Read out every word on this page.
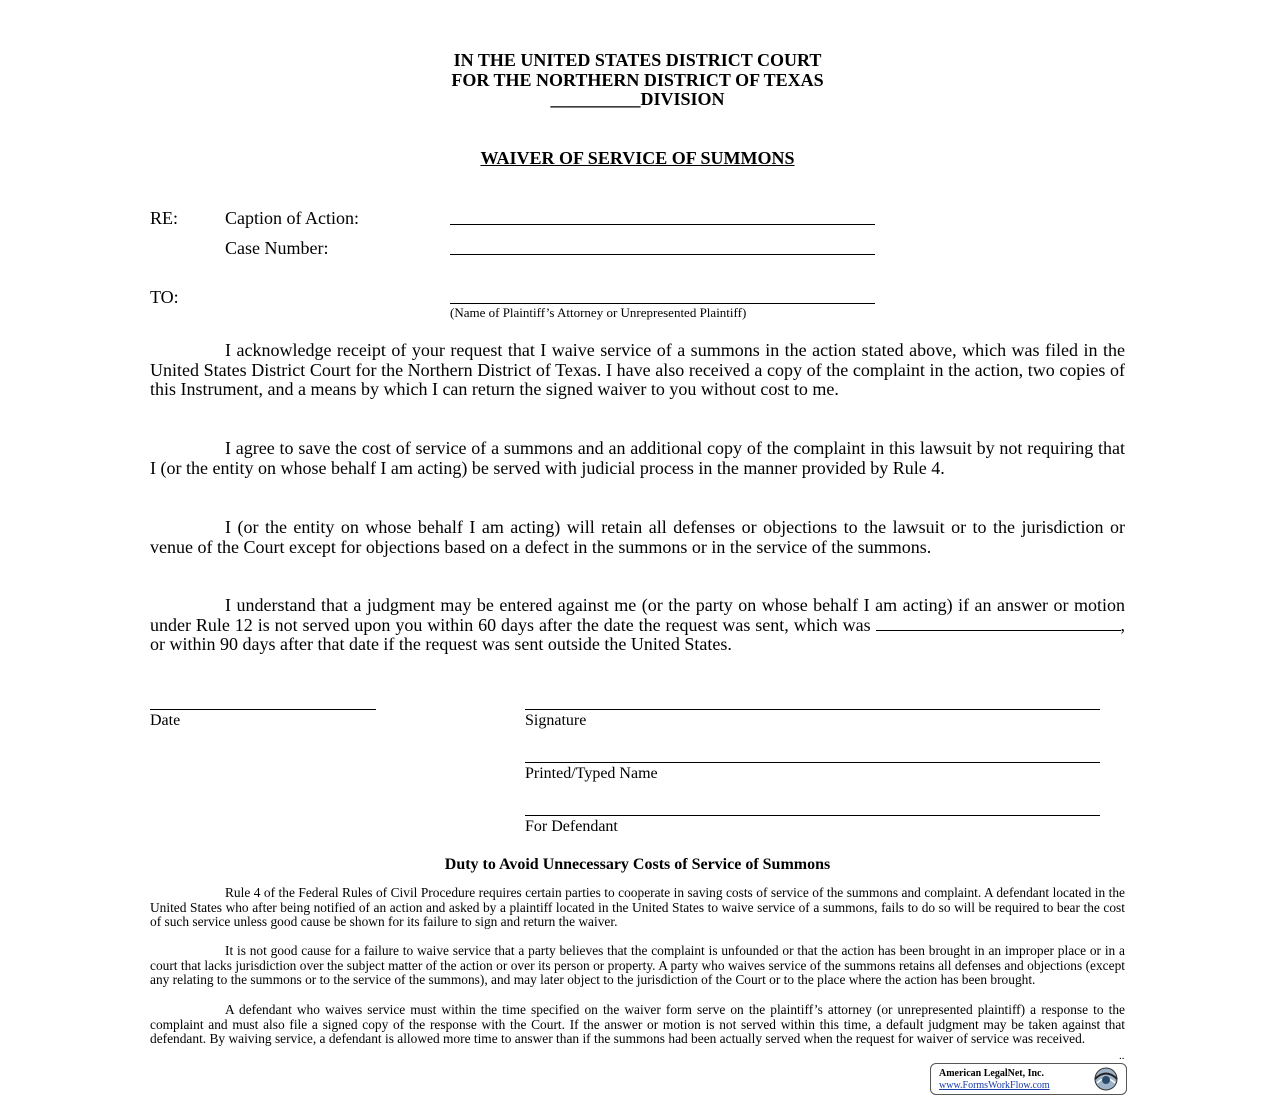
IN THE UNITED STATES DISTRICT COURT
FOR THE NORTHERN DISTRICT OF TEXAS
__________DIVISION
WAIVER OF SERVICE OF SUMMONS
RE:	Caption of Action:
Case Number:
TO:
(Name of Plaintiff’s Attorney or Unrepresented Plaintiff)

I acknowledge receipt of your request that I waive service of a summons in the action stated above, which was filed in the United States District Court for the Northern District of Texas. I have also received a copy of the complaint in the action, two copies of this Instrument, and a means by which I can return the signed waiver to you without cost to me.

I agree to save the cost of service of a summons and an additional copy of the complaint in this lawsuit by not requiring that I (or the entity on whose behalf I am acting) be served with judicial process in the manner provided by Rule 4.

I (or the entity on whose behalf I am acting) will retain all defenses or objections to the lawsuit or to the jurisdiction or venue of the Court except for objections based on a defect in the summons or in the service of the summons.

I understand that a judgment may be entered against me (or the party on whose behalf I am acting) if an answer or motion under Rule 12 is not served upon you within 60 days after the date the request was sent, which was	, or within 90 days after that date if the request was sent outside the United States.

Date	Signature
Printed/Typed Name
For Defendant
Duty to Avoid Unnecessary Costs of Service of Summons

Rule 4 of the Federal Rules of Civil Procedure requires certain parties to cooperate in saving costs of service of the summons and complaint. A defendant located in the United States who after being notified of an action and asked by a plaintiff located in the United States to waive service of a summons, fails to do so will be required to bear the cost of such service unless good cause be shown for its failure to sign and return the waiver.

It is not good cause for a failure to waive service that a party believes that the complaint is unfounded or that the action has been brought in an improper place or in a court that lacks jurisdiction over the subject matter of the action or over its person or property. A party who waives service of the summons retains all defenses and objections (except any relating to the summons or to the service of the summons), and may later object to the jurisdiction of the Court or to the place where the action has been brought.

A defendant who waives service must within the time specified on the waiver form serve on the plaintiff’s attorney (or unrepresented plaintiff) a response to the complaint and must also file a signed copy of the response with the Court. If the answer or motion is not served within this time, a default judgment may be taken against that defendant. By waiving service, a defendant is allowed more time to answer than if the summons had been actually served when the request for waiver of service was received.

..
American LegalNet, Inc.
www.FormsWorkFlow.com
